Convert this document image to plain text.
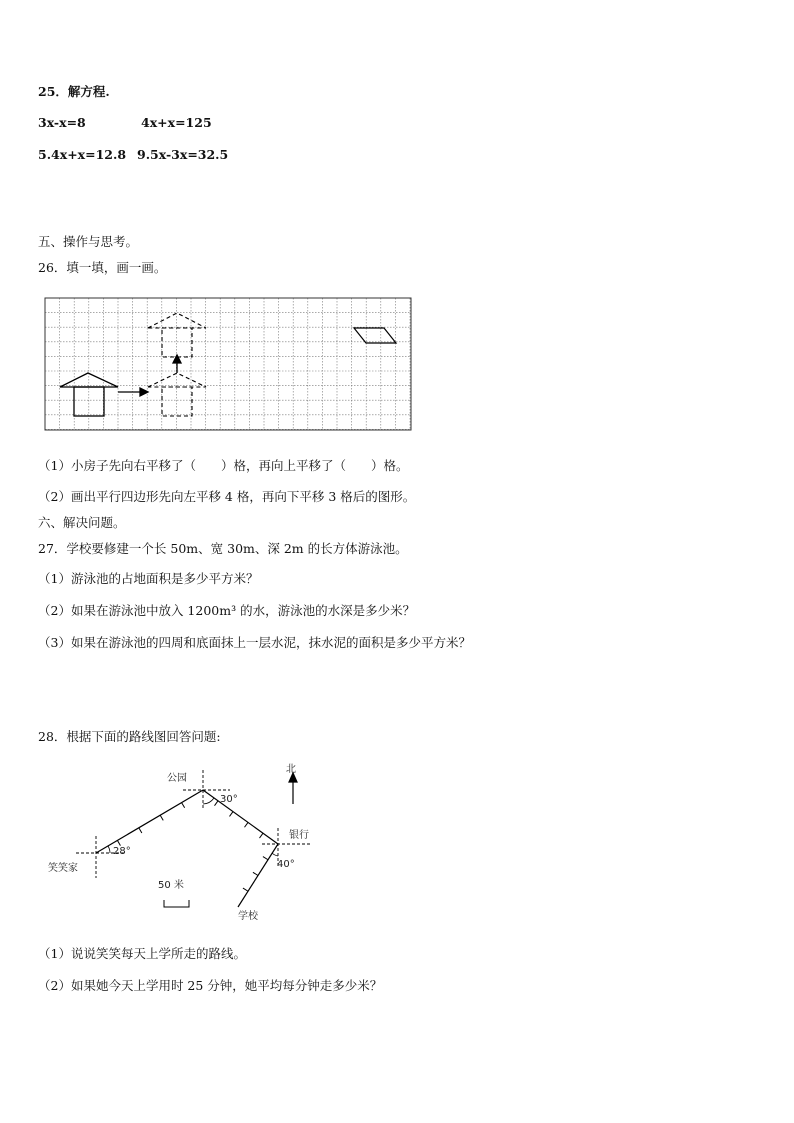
25．解方程.
3x-x=8	4x+x=125
5.4x+x=12.8 9.5x-3x=32.5
五、操作与思考。
26．填一填，画一画。
（1）小房子先向右平移了（　　）格，再向上平移了（　　）格。
（2）画出平行四边形先向左平移 4 格，再向下平移 3 格后的图形。
六、解决问题。
27．学校要修建一个长 50m、宽 30m、深 2m 的长方体游泳池。
（1）游泳池的占地面积是多少平方米？
（2）如果在游泳池中放入 1200m³ 的水，游泳池的水深是多少米？
（3）如果在游泳池的四周和底面抹上一层水泥，抹水泥的面积是多少平方米？
28．根据下面的路线图回答问题:
北
公园
银行
笑笑家
学校
28°
30°
40°
50 米
（1）说说笑笑每天上学所走的路线。
（2）如果她今天上学用时 25 分钟，她平均每分钟走多少米？
